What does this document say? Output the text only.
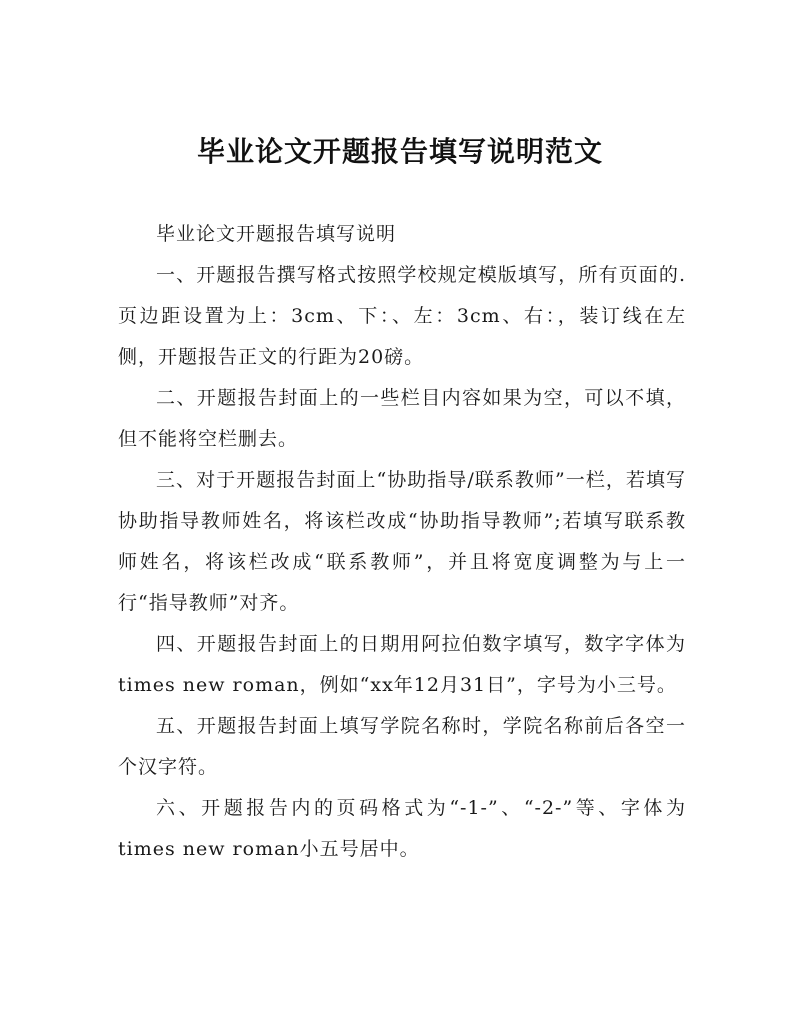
毕业论文开题报告填写说明范文

毕业论文开题报告填写说明

一、开题报告撰写格式按照学校规定模版填写，所有页面的.页边距设置为上：3cm、下：、左：3cm、右：，装订线在左侧，开题报告正文的行距为20磅。

二、开题报告封面上的一些栏目内容如果为空，可以不填，但不能将空栏删去。

三、对于开题报告封面上“协助指导/联系教师”一栏，若填写协助指导教师姓名，将该栏改成“协助指导教师”;若填写联系教师姓名，将该栏改成“联系教师”，并且将宽度调整为与上一行“指导教师”对齐。

四、开题报告封面上的日期用阿拉伯数字填写，数字字体为times new roman，例如“xx年12月31日”，字号为小三号。

五、开题报告封面上填写学院名称时，学院名称前后各空一个汉字符。

六、开题报告内的页码格式为“-1-”、“-2-”等、字体为times new roman小五号居中。
